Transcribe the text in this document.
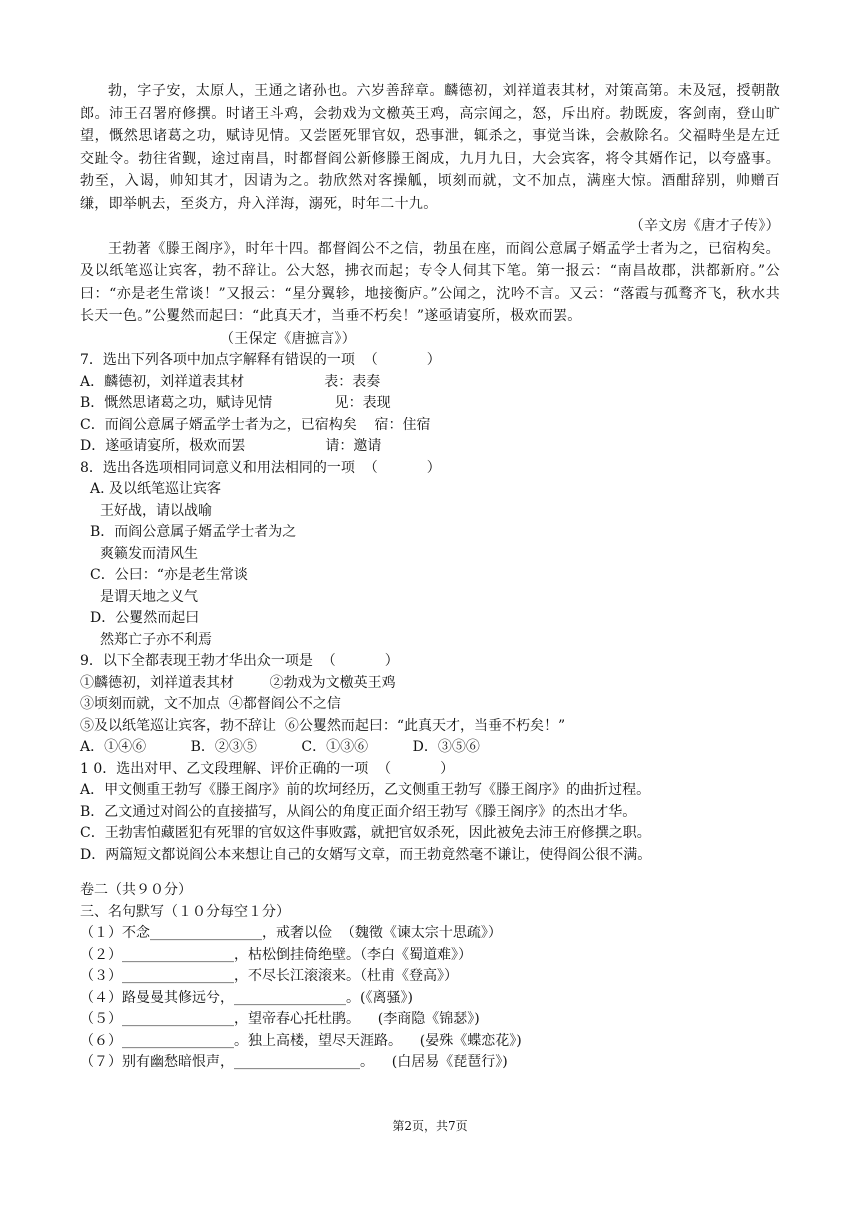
勃，字子安，太原人，王通之诸孙也。六岁善辞章。麟德初，刘祥道表其材，对策高第。未及冠，授朝散郎。沛王召署府修撰。时诸王斗鸡，会勃戏为文檄英王鸡，高宗闻之，怒，斥出府。勃既废，客剑南，登山旷望，慨然思诸葛之功，赋诗见情。又尝匿死罪官奴，恐事泄，辄杀之，事觉当诛，会赦除名。父福畤坐是左迁交趾令。勃往省觐，途过南昌，时都督阎公新修滕王阁成，九月九日，大会宾客，将令其婿作记，以夸盛事。勃至，入谒，帅知其才，因请为之。勃欣然对客操觚，顷刻而就，文不加点，满座大惊。酒酣辞别，帅赠百缣，即举帆去，至炎方，舟入洋海，溺死，时年二十九。

（辛文房《唐才子传》）

王勃著《滕王阁序》，时年十四。都督阎公不之信，勃虽在座，而阎公意属子婿孟学士者为之，已宿构矣。及以纸笔巡让宾客，勃不辞让。公大怒，拂衣而起；专令人伺其下笔。第一报云：“南昌故郡，洪都新府。”公曰：“亦是老生常谈！”又报云：“星分翼轸，地接衡庐。”公闻之，沈吟不言。又云：“落霞与孤鹜齐飞，秋水共长天一色。”公矍然而起曰：“此真天才，当垂不朽矣！”遂亟请宴所，极欢而罢。

（王保定《唐摭言》）

7．选出下列各项中加点字解释有错误的一项  （           ）

A．麟德初，刘祥道表其材                  表：表奏

B．慨然思诸葛之功，赋诗见情              见：表现

C．而阎公意属子婿孟学士者为之，已宿构矣    宿：住宿

D．遂亟请宴所，极欢而罢                  请：邀请

8．选出各选项相同词意义和用法相同的一项  （           ）

A. 及以纸笔巡让宾客

王好战，请以战喻

B．而阎公意属子婿孟学士者为之

爽籁发而清风生

C．公曰：“亦是老生常谈

是谓天地之义气

D．公矍然而起曰

然郑亡子亦不利焉

9．以下全都表现王勃才华出众一项是  （           ）

①麟德初，刘祥道表其材        ②勃戏为文檄英王鸡

③顷刻而就，文不加点  ④都督阎公不之信

⑤及以纸笔巡让宾客，勃不辞让  ⑥公矍然而起曰：“此真天才，当垂不朽矣！”

A．①④⑥          B．②③⑤          C．①③⑥          D．③⑤⑥

1 0．选出对甲、乙文段理解、评价正确的一项  （           ）

A．甲文侧重王勃写《滕王阁序》前的坎坷经历，乙文侧重王勃写《滕王阁序》的曲折过程。

B．乙文通过对阎公的直接描写，从阎公的角度正面介绍王勃写《滕王阁序》的杰出才华。

C．王勃害怕藏匿犯有死罪的官奴这件事败露，就把官奴杀死，因此被免去沛王府修撰之职。

D．两篇短文都说阎公本来想让自己的女婿写文章，而王勃竟然毫不谦让，使得阎公很不满。

卷二（共９０分）

三、名句默写（１０分每空１分）

（１）不念________________，戒奢以俭  （魏徵《谏太宗十思疏》）

（２）________________，枯松倒挂倚绝壁。（李白《蜀道难》）

（３）________________，不尽长江滚滚来。（杜甫《登高》）

（４）路曼曼其修远兮，________________。(《离骚》)

（５）________________，望帝春心托杜鹃。    (李商隐《锦瑟》)

（６）________________。独上高楼，望尽天涯路。    (晏殊《蝶恋花》)

（７）别有幽愁暗恨声，__________________。    (白居易《琵琶行》)

第2页，共7页
